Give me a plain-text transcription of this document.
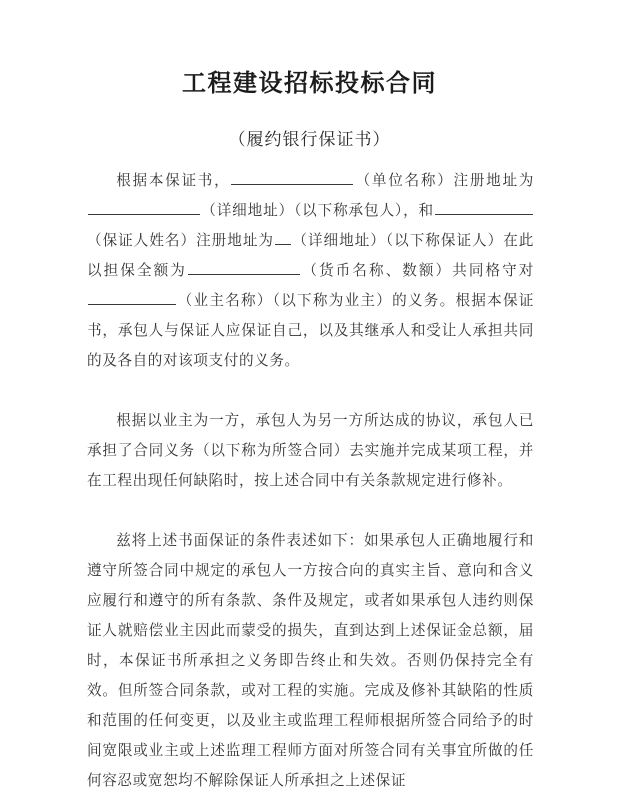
工程建设招标投标合同
（履约银行保证书）

根据本保证书，	（单位名称）注册地址为（详细地址）（以下称承包人），和（保证人姓名）注册地址为 （详细地址）（以下称保证人）在此以担保全额为	（货币名称、数额）共同格守对（业主名称）（以下称为业主）的义务。根据本保证书，承包人与保证人应保证自己，以及其继承人和受让人承担共同的及各自的对该项支付的义务。

根据以业主为一方，承包人为另一方所达成的协议，承包人已承担了合同义务（以下称为所签合同）去实施并完成某项工程，并在工程出现任何缺陷时，按上述合同中有关条款规定进行修补。

兹将上述书面保证的条件表述如下：如果承包人正确地履行和遵守所签合同中规定的承包人一方按合向的真实主旨、意向和含义应履行和遵守的所有条款、条件及规定，或者如果承包人违约则保证人就赔偿业主因此而蒙受的损失，直到达到上述保证金总额，届时，本保证书所承担之义务即告终止和失效。否则仍保持完全有效。但所签合同条款，或对工程的实施。完成及修补其缺陷的性质和范围的任何变更，以及业主或监理工程师根据所签合同给予的时间宽限或业主或上述监理工程师方面对所签合同有关事宜所做的任何容忍或宽恕均不解除保证人所承担之上述保证
